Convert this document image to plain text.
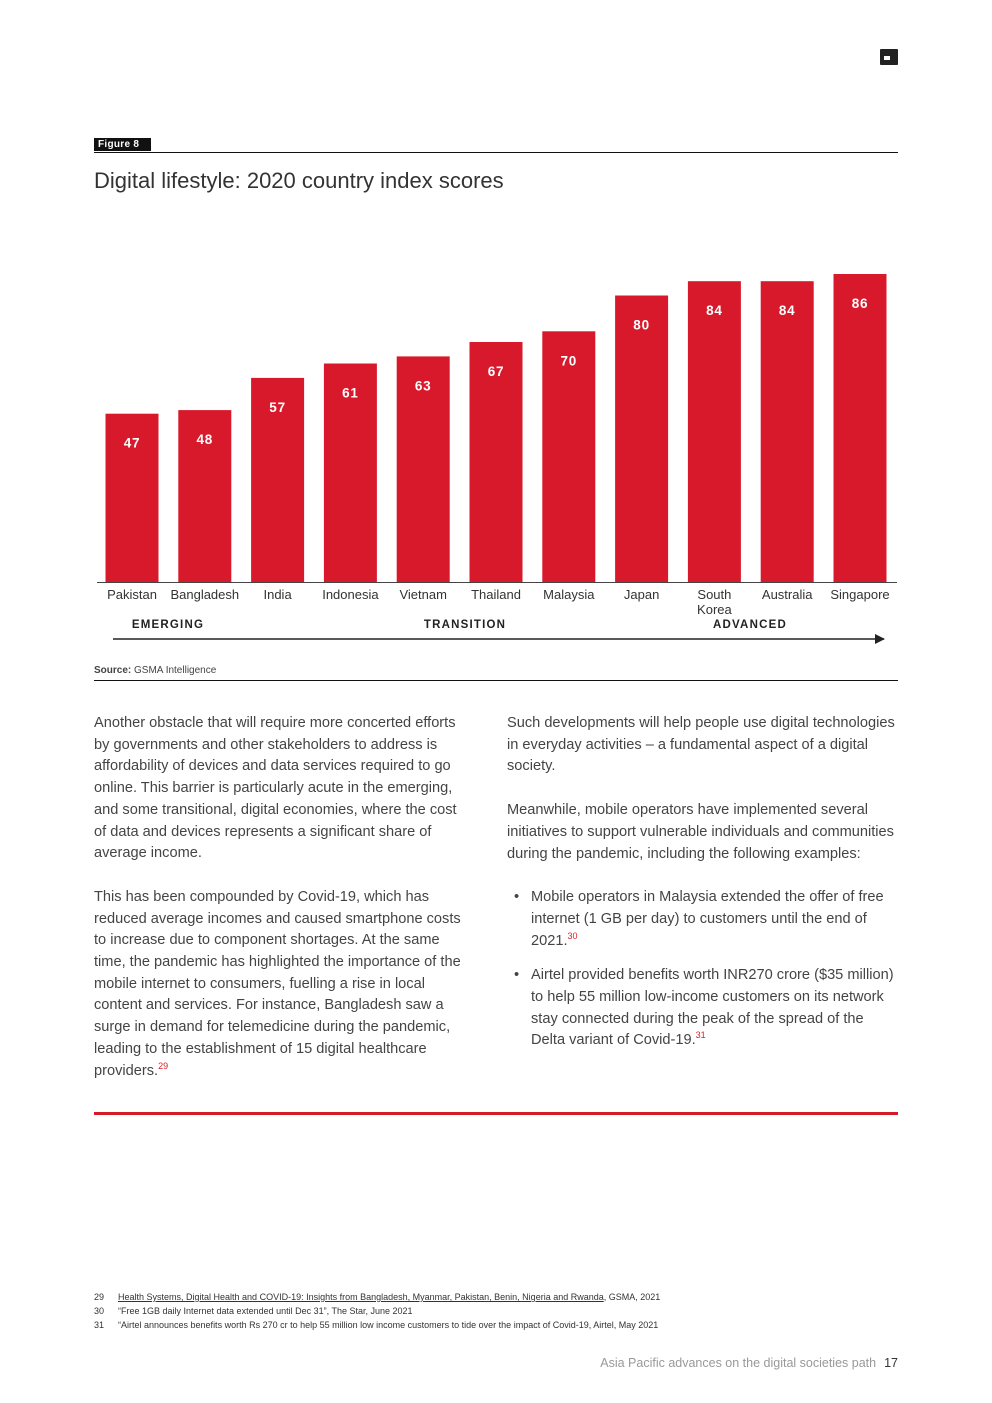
Figure 8
Digital lifestyle: 2020 country index scores
47	48
57
61	63
67
70
80
84	84	86
Pakistan Bangladesh India Indonesia Vietnam Thailand Malaysia Japan	South Korea
Australia Singapore
EMERGING	TRANSITION	ADVANCED
Source: GSMA Intelligence

Another obstacle that will require more concerted efforts by governments and other stakeholders to address is affordability of devices and data services required to go online. This barrier is particularly acute in the emerging, and some transitional, digital economies, where the cost of data and devices represents a significant share of average income.

This has been compounded by Covid-19, which has reduced average incomes and caused smartphone costs to increase due to component shortages. At the same time, the pandemic has highlighted the importance of the mobile internet to consumers, fuelling a rise in local content and services. For instance, Bangladesh saw a surge in demand for telemedicine during the pandemic, leading to the establishment of 15 digital healthcare providers.$^{29}$

Such developments will help people use digital technologies in everyday activities – a fundamental aspect of a digital society.

Meanwhile, mobile operators have implemented several initiatives to support vulnerable individuals and communities during the pandemic, including the following examples:

• Mobile operators in Malaysia extended the offer of free internet (1 GB per day) to customers until the end of 2021.30
• Airtel provided benefits worth INR270 crore ($35 million) to help 55 million low-income customers on its network stay connected during the peak of the spread of the Delta variant of Covid-19.31
29 Health Systems, Digital Health and COVID-19: Insights from Bangladesh, Myanmar, Pakistan, Benin, Nigeria and Rwanda, GSMA, 2021
30 “Free 1GB daily Internet data extended until Dec 31”, The Star, June 2021
31 “Airtel announces benefits worth Rs 270 cr to help 55 million low income customers to tide over the impact of Covid-19, Airtel, May 2021
Asia Pacific advances on the digital societies path 17
